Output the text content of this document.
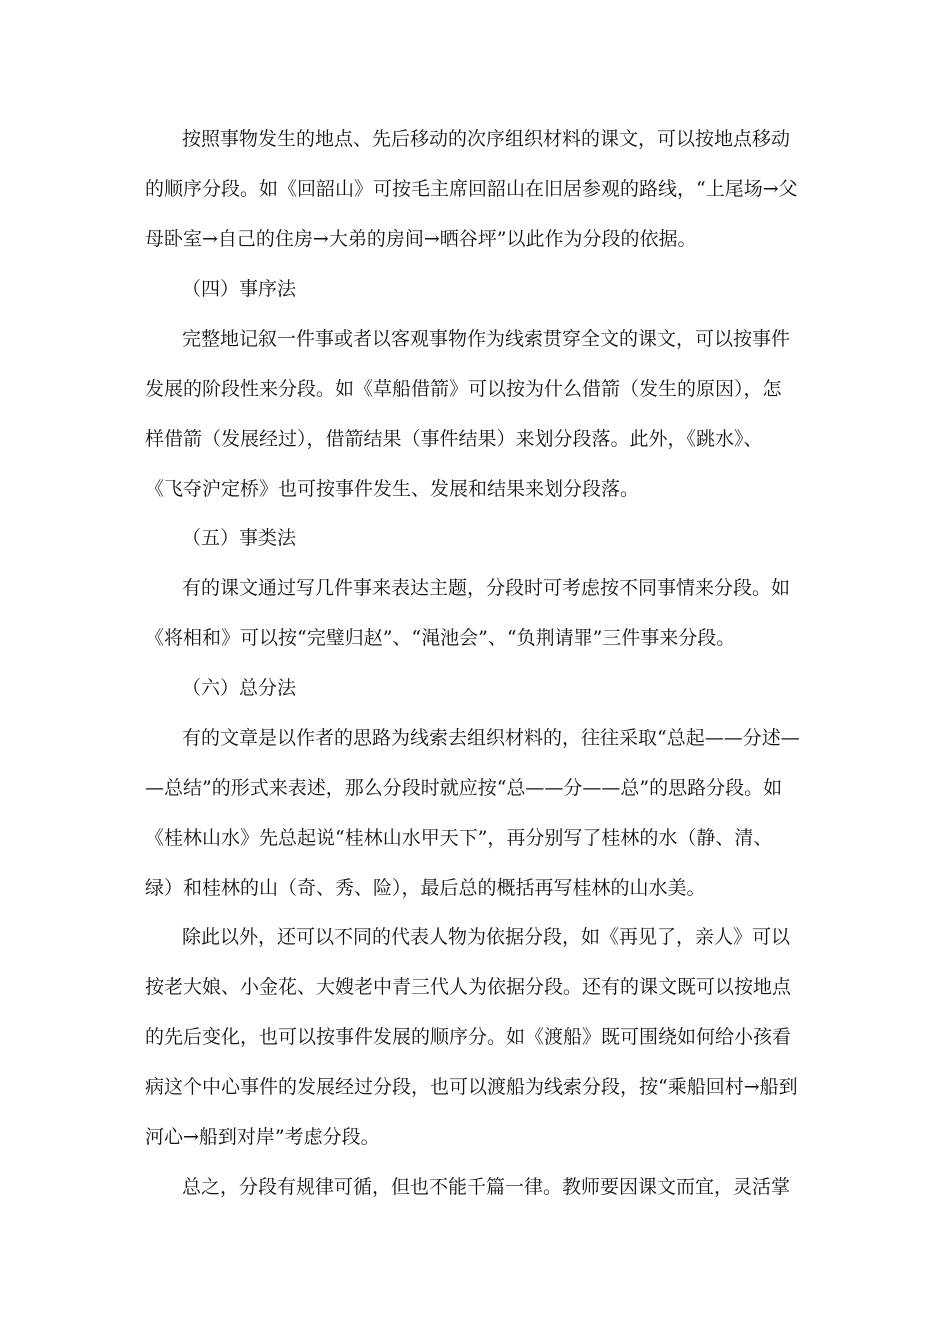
按照事物发生的地点、先后移动的次序组织材料的课文，可以按地点移动
的顺序分段。如《回韶山》可按毛主席回韶山在旧居参观的路线，“上尾场→父
母卧室→自己的住房→大弟的房间→晒谷坪”以此作为分段的依据。
（四）事序法
完整地记叙一件事或者以客观事物作为线索贯穿全文的课文，可以按事件
发展的阶段性来分段。如《草船借箭》可以按为什么借箭（发生的原因），怎
样借箭（发展经过），借箭结果（事件结果）来划分段落。此外，《跳水》、
《飞夺沪定桥》也可按事件发生、发展和结果来划分段落。
（五）事类法
有的课文通过写几件事来表达主题，分段时可考虑按不同事情来分段。如
《将相和》可以按“完璧归赵”、“渑池会”、“负荆请罪”三件事来分段。
（六）总分法
有的文章是以作者的思路为线索去组织材料的，往往采取“总起——分述—
—总结”的形式来表述，那么分段时就应按“总——分——总”的思路分段。如
《桂林山水》先总起说“桂林山水甲天下”，再分别写了桂林的水（静、清、
绿）和桂林的山（奇、秀、险），最后总的概括再写桂林的山水美。
除此以外，还可以不同的代表人物为依据分段，如《再见了，亲人》可以
按老大娘、小金花、大嫂老中青三代人为依据分段。还有的课文既可以按地点
的先后变化，也可以按事件发展的顺序分。如《渡船》既可围绕如何给小孩看
病这个中心事件的发展经过分段，也可以渡船为线索分段，按“乘船回村→船到
河心→船到对岸”考虑分段。
总之，分段有规律可循，但也不能千篇一律。教师要因课文而宜，灵活掌
